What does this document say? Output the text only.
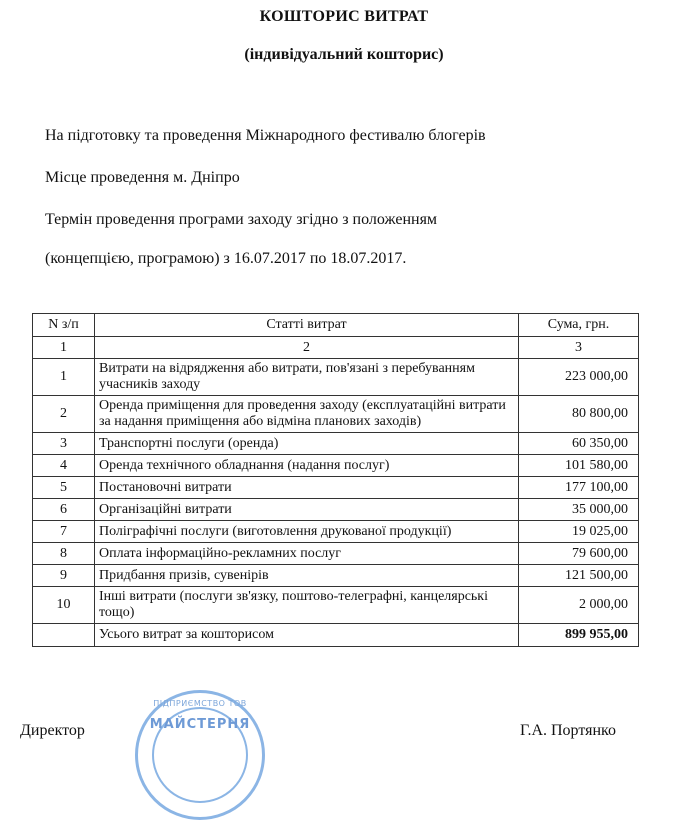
КОШТОРИС ВИТРАТ
(індивідуальний кошторис)
На підготовку та проведення Міжнародного фестивалю блогерів
Місце проведення м. Дніпро
Термін проведення програми заходу згідно з положенням
(концепцією, програмою) з 16.07.2017 по 18.07.2017.
N з/п	Статті витрат	Сума, грн.
1	2	3
1	Витрати на відрядження або витрати, пов'язані з перебуванням учасників заходу	223 000,00
2	Оренда приміщення для проведення заходу (експлуатаційні витрати за надання приміщення або відміна планових заходів)	80 800,00
3	Транспортні послуги (оренда)	60 350,00
4	Оренда технічного обладнання (надання послуг)	101 580,00
5	Постановочні витрати	177 100,00
6	Організаційні витрати	35 000,00
7	Поліграфічні послуги (виготовлення друкованої продукції)	19 025,00
8	Оплата інформаційно-рекламних послуг	79 600,00
9	Придбання призів, сувенірів	121 500,00
10	Інші витрати (послуги зв'язку, поштово-телеграфні, канцелярські тощо)	2 000,00
	Усього витрат за кошторисом	899 955,00
ПІДПРИЄМСТВО ТОВ
МАЙСТЕРНЯ
Директор	Г.А. Портянко
